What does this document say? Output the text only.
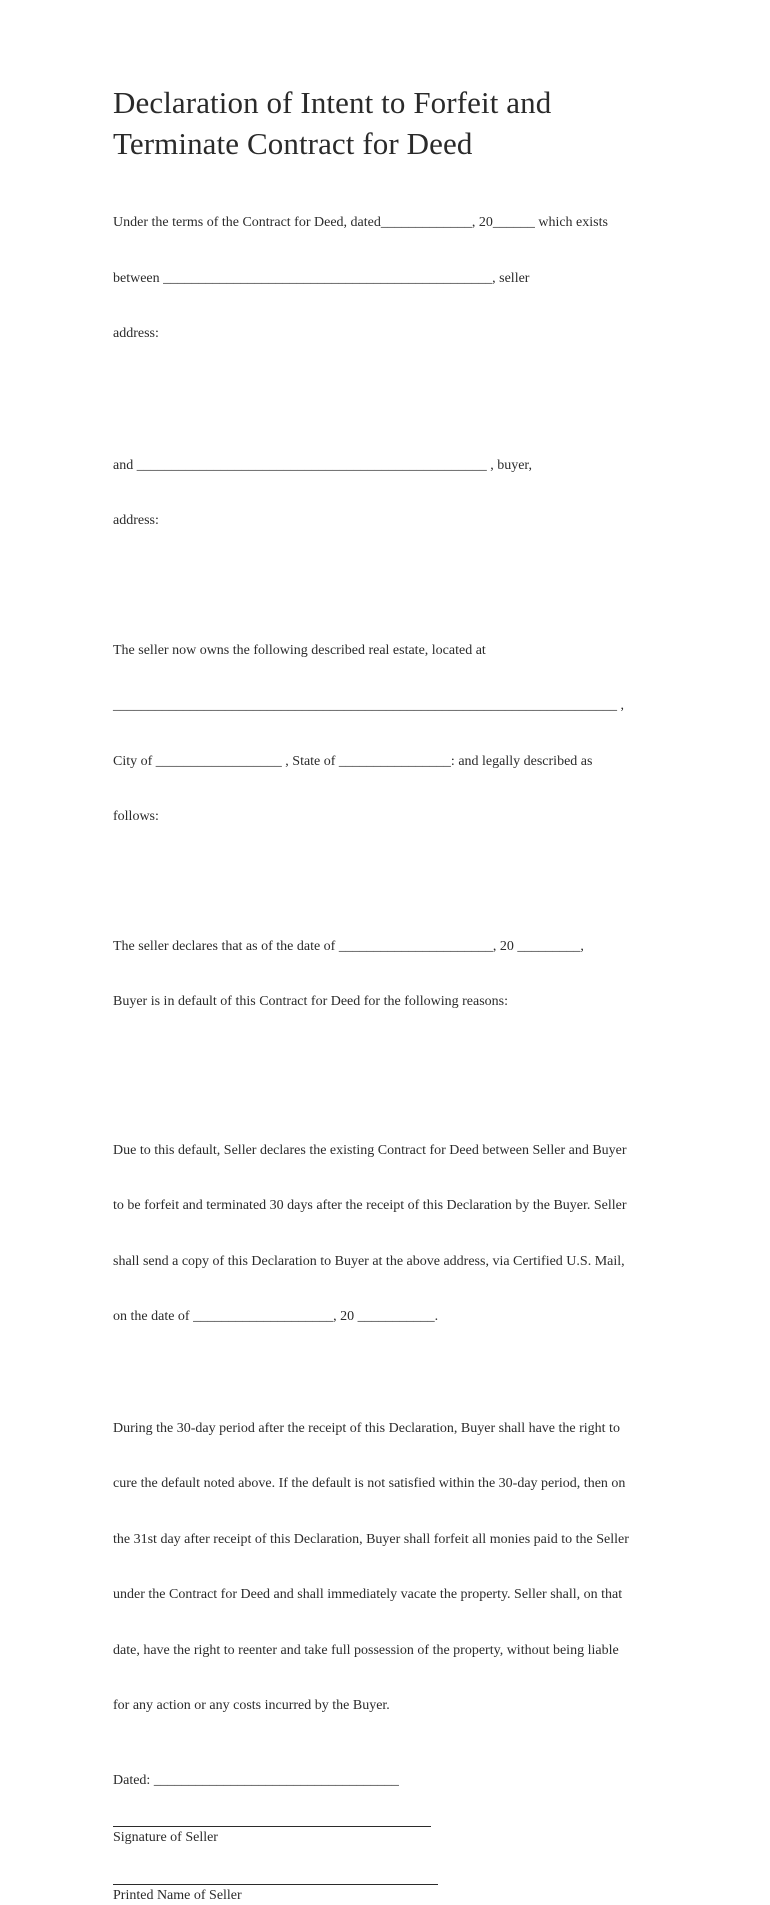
Declaration of Intent to Forfeit and
Terminate Contract for Deed

Under the terms of the Contract for Deed, dated_____________, 20______ which exists

between _______________________________________________, seller

address:

and __________________________________________________ , buyer,

address:

The seller now owns the following described real estate, located at

________________________________________________________________________ ,

City of __________________ , State of ________________: and legally described as

follows:

The seller declares that as of the date of ______________________, 20 _________,

Buyer is in default of this Contract for Deed for the following reasons:

Due to this default, Seller declares the existing Contract for Deed between Seller and Buyer

to be forfeit and terminated 30 days after the receipt of this Declaration by the Buyer. Seller

shall send a copy of this Declaration to Buyer at the above address, via Certified U.S. Mail,

on the date of ____________________, 20 ___________.

During the 30-day period after the receipt of this Declaration, Buyer shall have the right to

cure the default noted above. If the default is not satisfied within the 30-day period, then on

the 31st day after receipt of this Declaration, Buyer shall forfeit all monies paid to the Seller

under the Contract for Deed and shall immediately vacate the property. Seller shall, on that

date, have the right to reenter and take full possession of the property, without being liable

for any action or any costs incurred by the Buyer.

Dated: ___________________________________
Signature of Seller
Printed Name of Seller
